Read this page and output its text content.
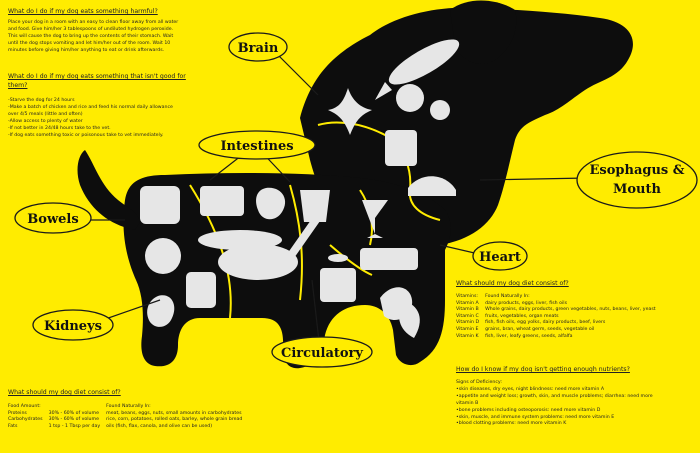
Brain
Intestines
Bowels
Kidneys
Circulatory
Heart
Esophagus &
Mouth
What do I do if my dog eats something harmful?
Place your dog in a room with an easy to clean floor away from all water
and food. Give him/her 3 tablespoons of undiluted hydrogen peroxide.
This will cause the dog to bring up the contents of their stomach. Wait
until the dog stops vomiting and let him/her out of the room. Wait 10
minutes before giving him/her anything to eat or drink afterwards.
What do I do if my dog eats something that isn't good for
them?
-Starve the dog for 24 hours
-Make a batch of chicken and rice and feed his normal daily allowance
over 4/5 meals (little and often)
-Allow access to plenty of water
-If not better in 24/48 hours take to the vet.
-If dog eats something toxic or poisonous take to vet immediately.
What should my dog diet consist of?
Vitamins:	Found Naturally In:
Vitamin A	dairy products, eggs, liver, fish oils
Vitamin B	Whole grains, dairy products, green vegetables, nuts, beans, liver, yeast
Vitamin C	fruits, vegetables, organ meats
Vitamin D	fish, fish oils, egg yolks, dairy products, beef, livers
Vitamin E	grains, bran, wheat germ, seeds, vegetable oil
Vitamin K	fish, liver, leafy greens, seeds, alfalfa
How do I know if my dog isn't getting enough nutrients?
Signs of Deficiency:
•skin diseases, dry eyes, night blindness: need more vitamin A
•appetite and weight loss; growth, skin, and muscle problems; diarrhea: need more
vitamin B
•bone problems including osteoporosis: need more vitamin D
•skin, muscle, and immune system problems: need more vitamin E
•blood clotting problems: need more vitamin K
What should my dog diet consist of?
Food Amount:		Found Naturally In:
Proteins	30% - 60% of volume	meat, beans, eggs, nuts, small amounts in carbohydrates
Carbohydrates	30% - 60% of volume	rice, corn, potatoes, rolled oats, barley, whole grain bread
Fats	1 tsp - 1 Tbsp per day	oils (fish, flax, canola, and olive can be used)
